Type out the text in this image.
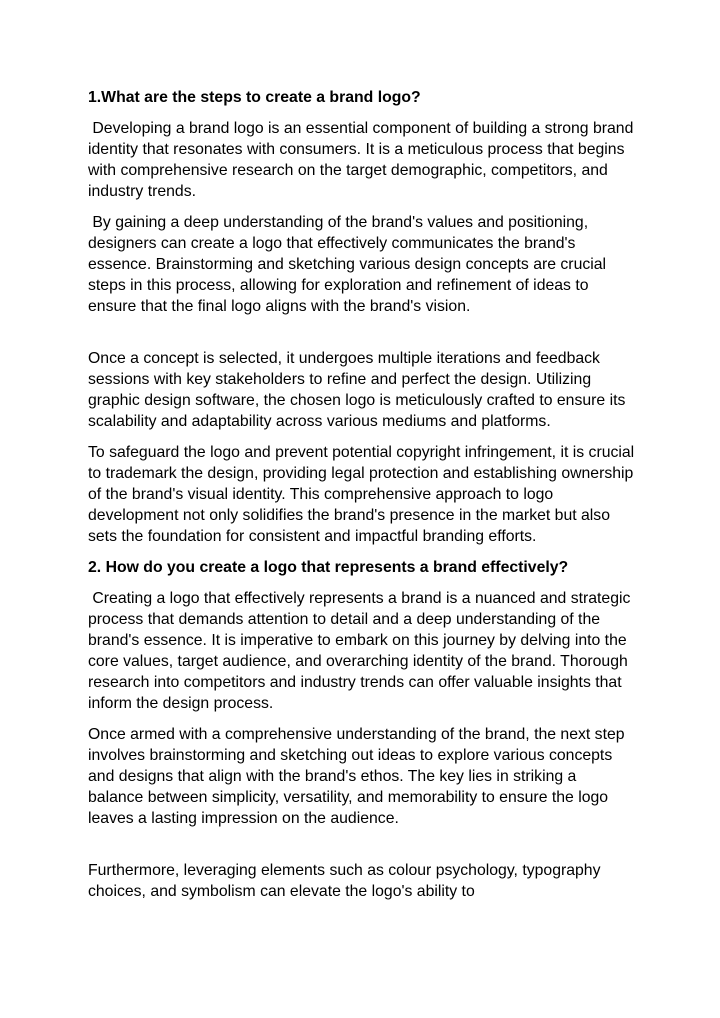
1.What are the steps to create a brand logo?
Developing a brand logo is an essential component of building a strong brand identity that resonates with consumers. It is a meticulous process that begins with comprehensive research on the target demographic, competitors, and industry trends.
By gaining a deep understanding of the brand's values and positioning, designers can create a logo that effectively communicates the brand's essence. Brainstorming and sketching various design concepts are crucial steps in this process, allowing for exploration and refinement of ideas to ensure that the final logo aligns with the brand's vision.
Once a concept is selected, it undergoes multiple iterations and feedback sessions with key stakeholders to refine and perfect the design. Utilizing graphic design software, the chosen logo is meticulously crafted to ensure its scalability and adaptability across various mediums and platforms.
To safeguard the logo and prevent potential copyright infringement, it is crucial to trademark the design, providing legal protection and establishing ownership of the brand's visual identity. This comprehensive approach to logo development not only solidifies the brand's presence in the market but also sets the foundation for consistent and impactful branding efforts.
2. How do you create a logo that represents a brand effectively?
Creating a logo that effectively represents a brand is a nuanced and strategic process that demands attention to detail and a deep understanding of the brand's essence. It is imperative to embark on this journey by delving into the core values, target audience, and overarching identity of the brand. Thorough research into competitors and industry trends can offer valuable insights that inform the design process.
Once armed with a comprehensive understanding of the brand, the next step involves brainstorming and sketching out ideas to explore various concepts and designs that align with the brand's ethos. The key lies in striking a balance between simplicity, versatility, and memorability to ensure the logo leaves a lasting impression on the audience.
Furthermore, leveraging elements such as colour psychology, typography choices, and symbolism can elevate the logo's ability to
